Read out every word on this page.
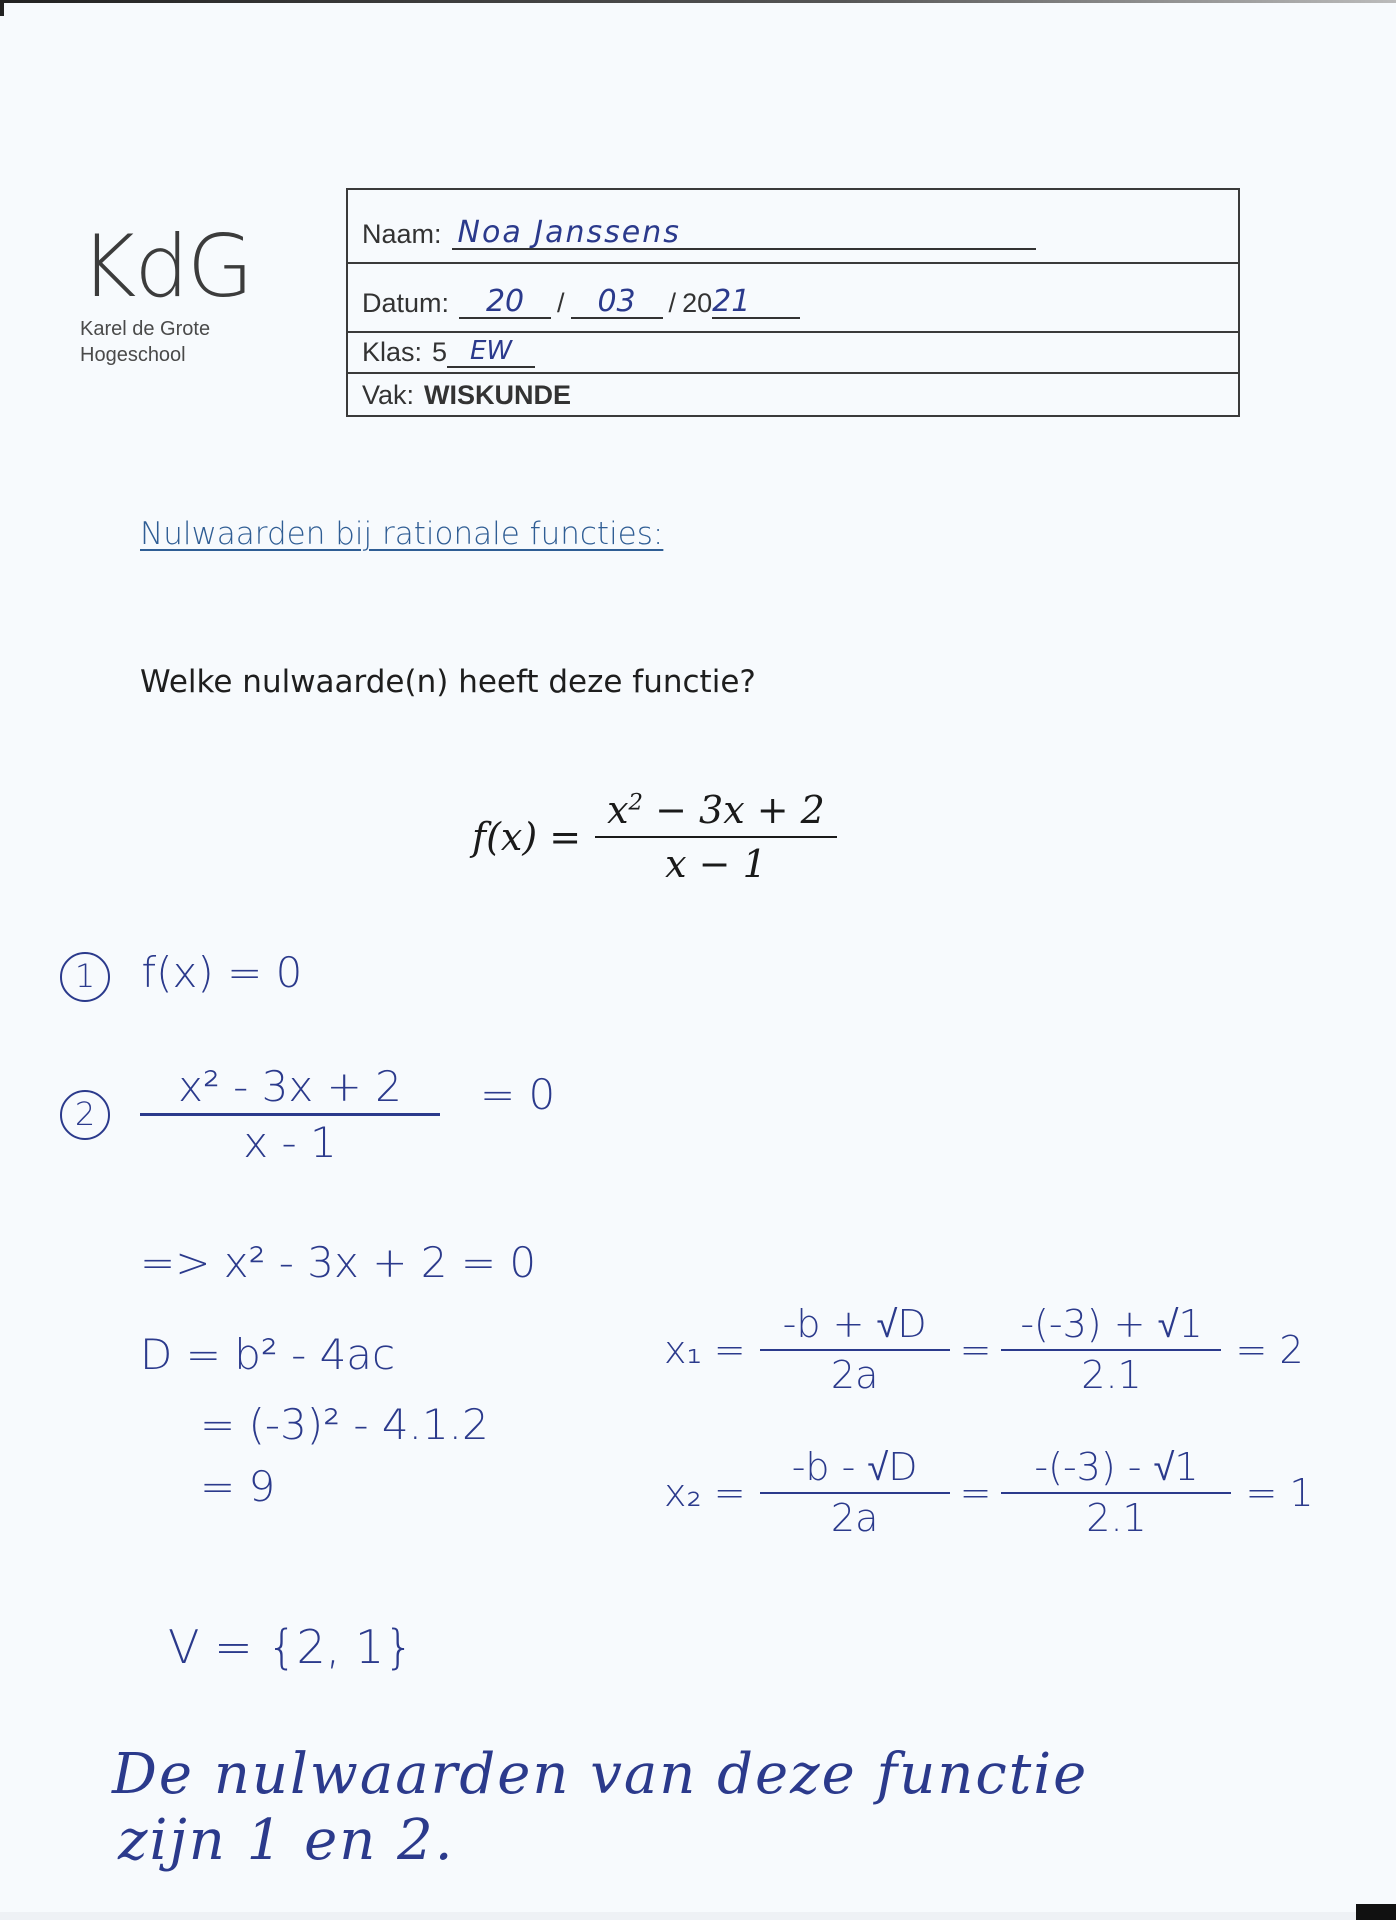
KdG
Karel de Grote
Hogeschool
Naam: Noa Janssens
Datum:	20	/	03	/ 20 21
Klas: 5 EW
Vak: WISKUNDE
Nulwaarden bij rationale functies:
Welke nulwaarde(n) heeft deze functie?
$f(x) = \frac{x^2 - 3x + 2}{x - 1}$
1 f(x) = 0
2	$\frac{\text{x² - 3x + 2}}{x - 1} = 0$
=> x² - 3x + 2 = 0
D = b² - 4ac
= (-3)² - 4.1.2
= 9
$x_1 = \frac{-b + √D}{2a} = \frac{-(-3) + √1}{2.1} = 2$
$x_2 = \frac{-b - √D}{2a} = \frac{-(-3) - √1}{2.1} = 1$
V = {2, 1}
De nulwaarden van deze functie
zijn 1 en 2.
